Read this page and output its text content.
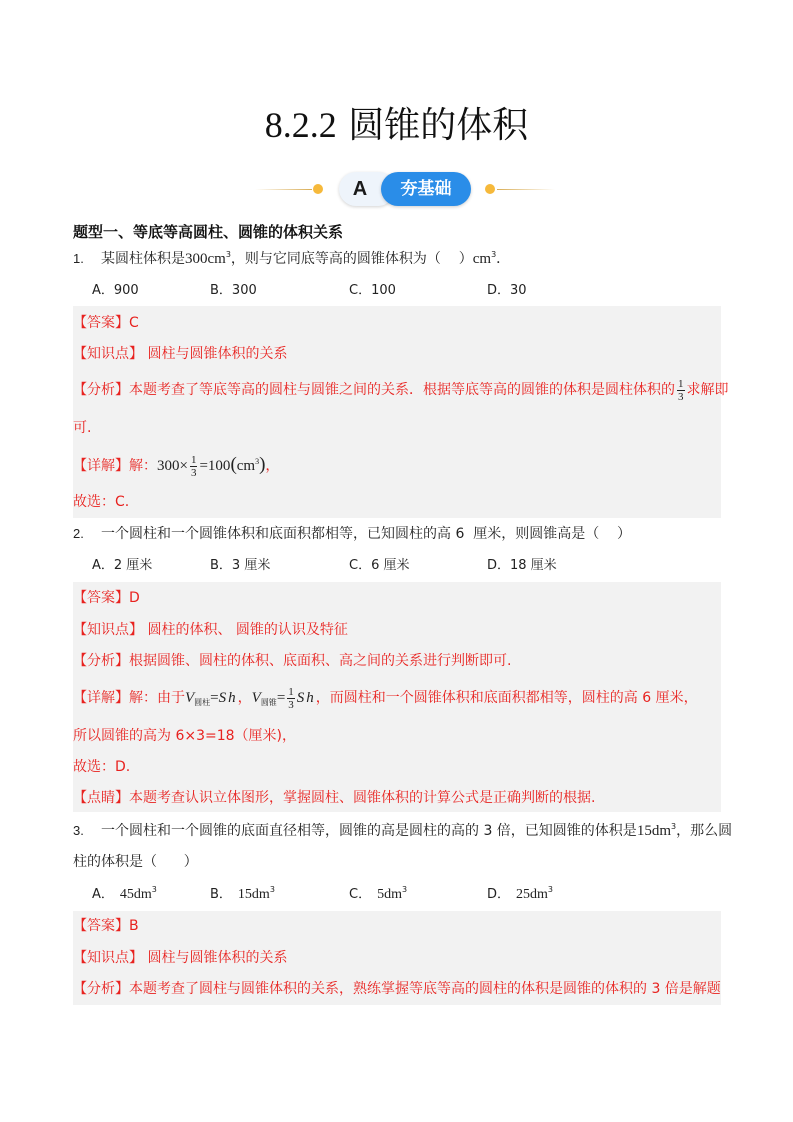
8.2.2 圆锥的体积
A	夯基础
题型一、等底等高圆柱、圆锥的体积关系
1. 某圆柱体积是$300cm^3$，则与它同底等高的圆锥体积为（    ）$cm^3$．
A．900	B．300	C．100	D．30
【答案】C
【知识点】 圆柱与圆锥体积的关系
【分析】本题考查了等底等高的圆柱与圆锥之间的关系．根据等底等高的圆锥的体积是圆柱体积的 $\frac{1}{3}$ 求解即
可.
【详解】解：$300\times \frac{1}{3} =100(cm^3)$，
故选：C.
2. 一个圆柱和一个圆锥体积和底面积都相等，已知圆柱的高 6  厘米，则圆锥高是（    ）
A．2 厘米	B．3 厘米	C．6 厘米	D．18 厘米
【答案】D
【知识点】 圆柱的体积、 圆锥的认识及特征
【分析】根据圆锥、圆柱的体积、底面积、高之间的关系进行判断即可.
【详解】解：由于$V_{圆柱}=Sh$，$V_{圆锥}= \frac{1}{3}$ Sh，而圆柱和一个圆锥体积和底面积都相等，圆柱的高 6 厘米，
所以圆锥的高为 6×3=18（厘米)，
故选：D.
【点睛】本题考查认识立体图形，掌握圆柱、圆锥体积的计算公式是正确判断的根据.
3. 一个圆柱和一个圆锥的底面直径相等，圆锥的高是圆柱的高的 3 倍，已知圆锥的体积是$15dm^3$，那么圆
柱的体积是（      ）
A． $45dm^3$	B． $15dm^3$	C． $5dm^3$	D． $25dm^3$
【答案】B
【知识点】 圆柱与圆锥体积的关系
【分析】本题考查了圆柱与圆锥体积的关系，熟练掌握等底等高的圆柱的体积是圆锥的体积的 3 倍是解题
